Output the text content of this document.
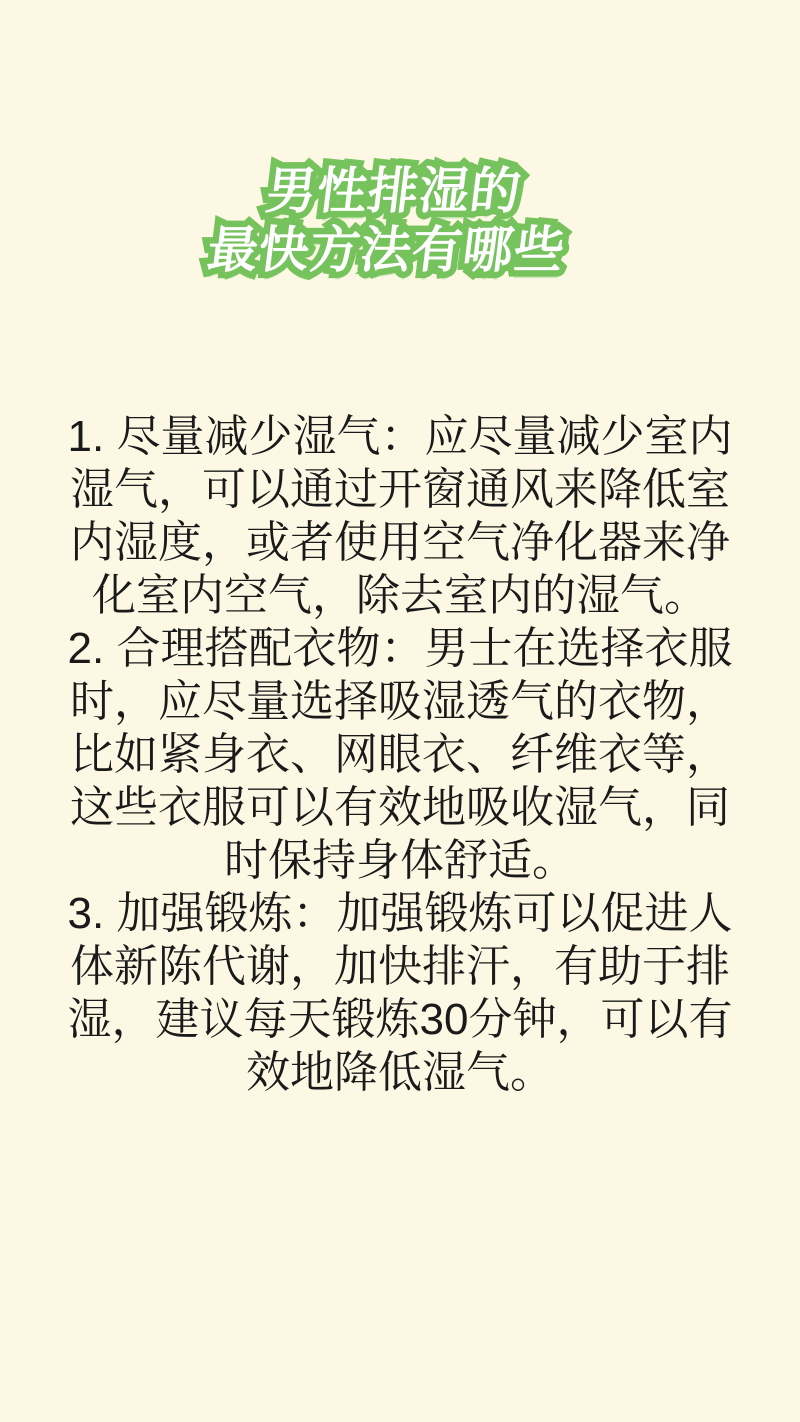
男性排湿的 男性排湿的
最快方法有哪些 最快方法有哪些
1. 尽量减少湿气：应尽量减少室内
湿气，可以通过开窗通风来降低室
内湿度，或者使用空气净化器来净
化室内空气，除去室内的湿气。
2. 合理搭配衣物：男士在选择衣服
时，应尽量选择吸湿透气的衣物，
比如紧身衣、网眼衣、纤维衣等，
这些衣服可以有效地吸收湿气，同
时保持身体舒适。
3. 加强锻炼：加强锻炼可以促进人
体新陈代谢，加快排汗，有助于排
湿，建议每天锻炼30分钟，可以有
效地降低湿气。
